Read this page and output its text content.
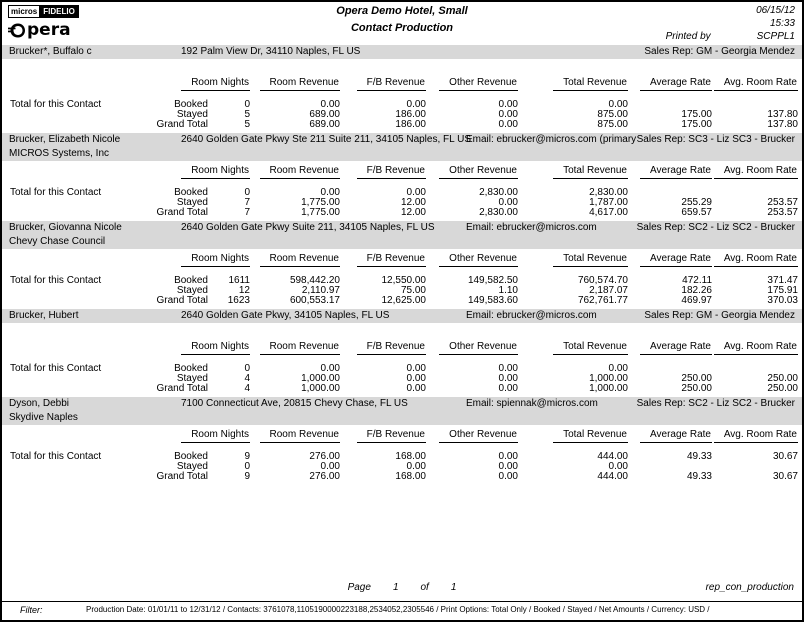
micros FIDELIO
pera
Opera Demo Hotel, Small
Contact Production
06/15/12
15:33
Printed by	SCPPL1
Brucker*, Buffalo c	192 Palm View Dr, 34110 Naples, FL US	Sales Rep: GM - Georgia Mendez
	Room Nights		Room Revenue	F/B Revenue	Other Revenue	Total Revenue	Average Rate	Avg. Room Rate

Total for this Contact	Booked	0	0.00	0.00	0.00	0.00		
	Stayed	5	689.00	186.00	0.00	875.00	175.00	137.80
	Grand Total	5	689.00	186.00	0.00	875.00	175.00	137.80
Brucker, Elizabeth Nicole	2640 Golden Gate Pkwy Ste 211 Suite 211, 34105 Naples, FL US
Email: ebrucker@micros.com (primary Sales Rep: SC3 - Liz SC3 - Brucker
MICROS Systems, Inc
	Room Nights		Room Revenue	F/B Revenue	Other Revenue	Total Revenue	Average Rate	Avg. Room Rate

Total for this Contact	Booked	0	0.00	0.00	2,830.00	2,830.00		
	Stayed	7	1,775.00	12.00	0.00	1,787.00	255.29	253.57
	Grand Total	7	1,775.00	12.00	2,830.00	4,617.00	659.57	253.57
Brucker, Giovanna Nicole	2640 Golden Gate Pkwy Suite 211, 34105 Naples, FL US	Email: ebrucker@micros.com	Sales Rep: SC2 - Liz SC2 - Brucker
Chevy Chase Council
	Room Nights		Room Revenue	F/B Revenue	Other Revenue	Total Revenue	Average Rate	Avg. Room Rate

Total for this Contact	Booked	1611	598,442.20	12,550.00	149,582.50	760,574.70	472.11	371.47
	Stayed	12	2,110.97	75.00	1.10	2,187.07	182.26	175.91
	Grand Total	1623	600,553.17	12,625.00	149,583.60	762,761.77	469.97	370.03
Brucker, Hubert	2640 Golden Gate Pkwy, 34105 Naples, FL US	Email: ebrucker@micros.com	Sales Rep: GM - Georgia Mendez
	Room Nights		Room Revenue	F/B Revenue	Other Revenue	Total Revenue	Average Rate	Avg. Room Rate

Total for this Contact	Booked	0	0.00	0.00	0.00	0.00		
	Stayed	4	1,000.00	0.00	0.00	1,000.00	250.00	250.00
	Grand Total	4	1,000.00	0.00	0.00	1,000.00	250.00	250.00
Dyson, Debbi	7100 Connecticut Ave, 20815 Chevy Chase, FL US	Email: spiennak@micros.com	Sales Rep: SC2 - Liz SC2 - Brucker
Skydive Naples
	Room Nights		Room Revenue	F/B Revenue	Other Revenue	Total Revenue	Average Rate	Avg. Room Rate

Total for this Contact	Booked	9	276.00	168.00	0.00	444.00	49.33	30.67
	Stayed	0	0.00	0.00	0.00	0.00		
	Grand Total	9	276.00	168.00	0.00	444.00	49.33	30.67
Page 1 of 1	rep_con_production
Filter:	Production Date: 01/01/11 to 12/31/12 / Contacts: 3761078,1105190000223188,2534052,2305546 / Print Options: Total Only / Booked / Stayed / Net Amounts / Currency: USD /
